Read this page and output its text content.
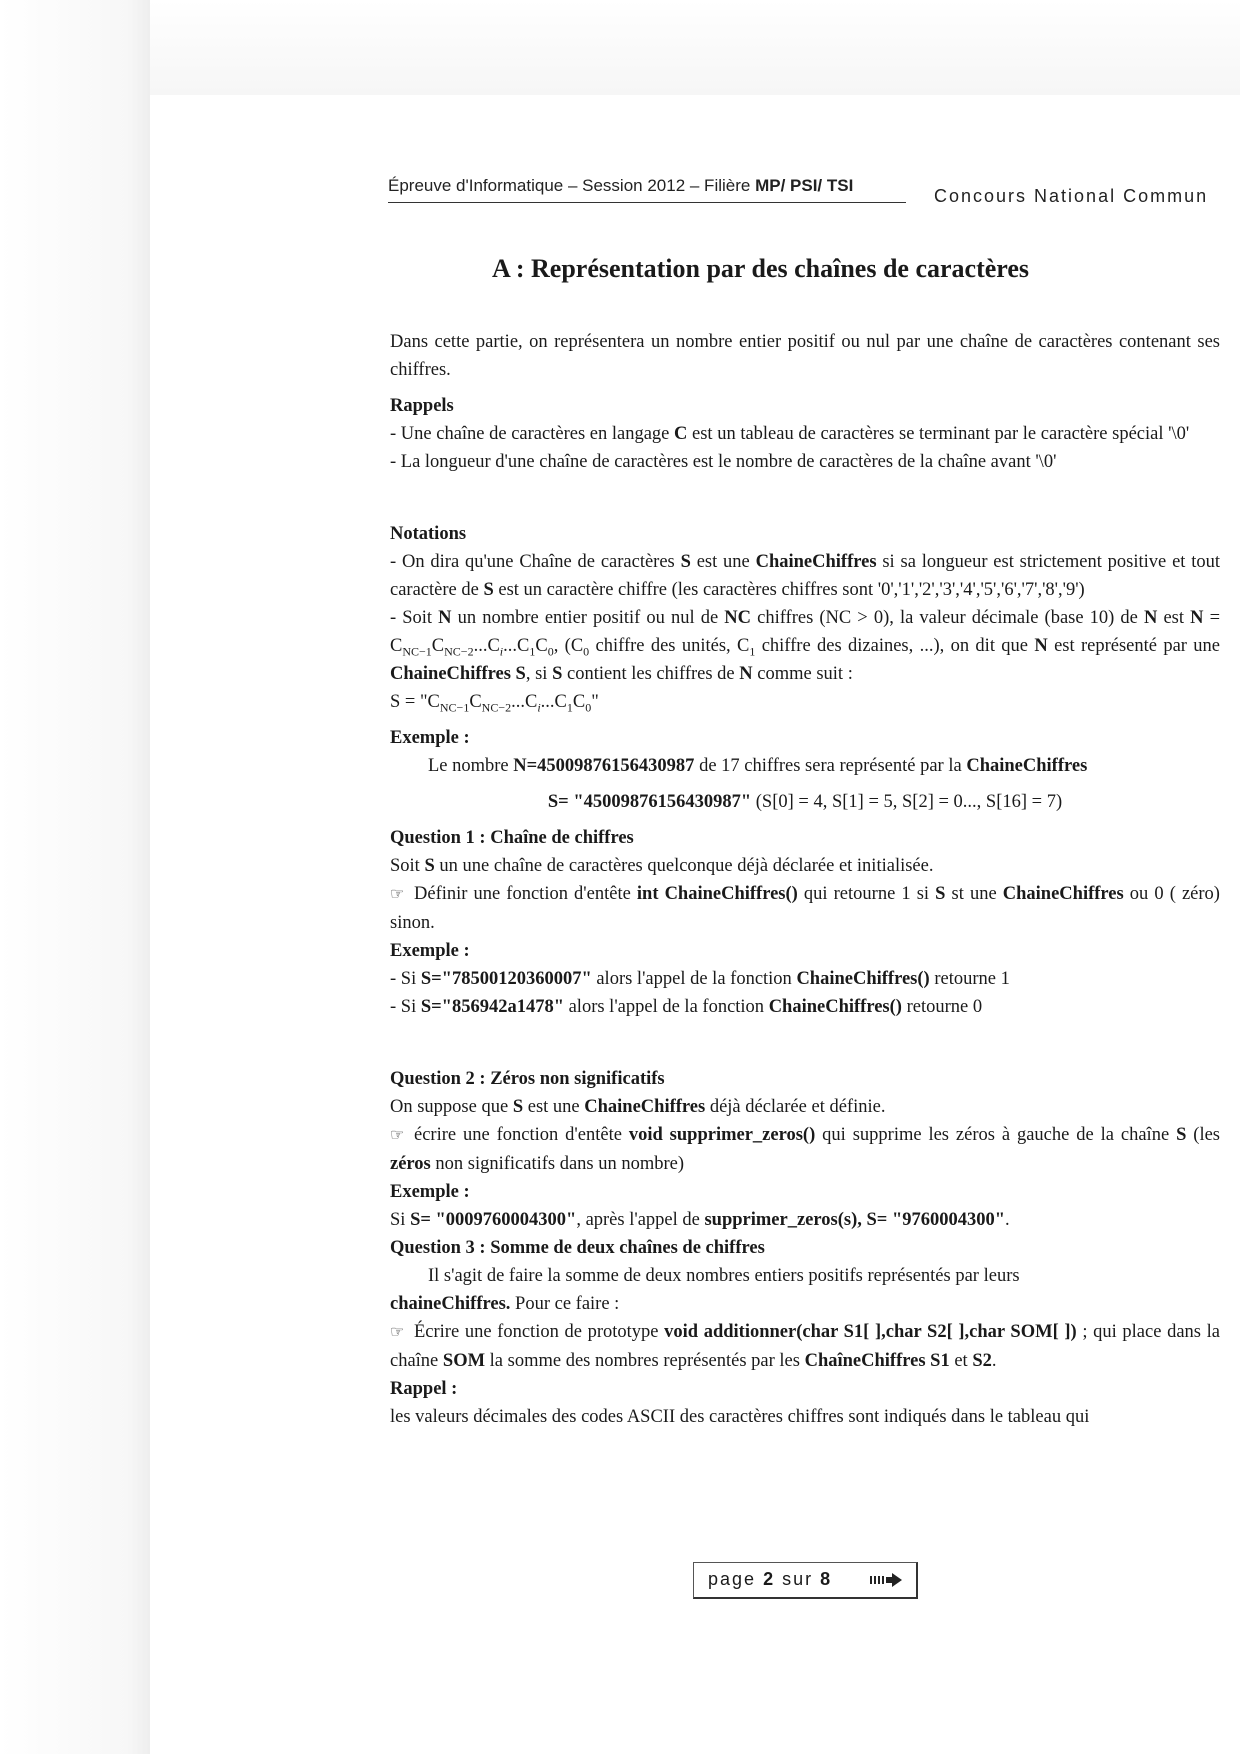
Épreuve d'Informatique – Session 2012 – Filière MP/ PSI/ TSI
Concours National Commun
A : Représentation par des chaînes de caractères

Dans cette partie, on représentera un nombre entier positif ou nul par une chaîne de caractères contenant ses chiffres.

Rappels

- Une chaîne de caractères en langage C est un tableau de caractères se terminant par le caractère spécial '\0'

- La longueur d'une chaîne de caractères est le nombre de caractères de la chaîne avant '\0'

Notations

- On dira qu'une Chaîne de caractères S est une ChaineChiffres si sa longueur est strictement positive et tout caractère de S est un caractère chiffre (les caractères chiffres sont '0','1','2','3','4','5','6','7','8','9')

- Soit N un nombre entier positif ou nul de NC chiffres (NC > 0), la valeur décimale (base 10) de N est $N = C_{NC-1}C_{NC-2}...C_i...C_1C_0$, ($C_0$ chiffre des unités, $C_1$ chiffre des dizaines, ...), on dit que N est représenté par une ChaineChiffres S, si S contient les chiffres de N comme suit :

$S = "C_{NC-1}C_{NC-2}...C_i...C_1C_0$"

Exemple :

Le nombre N=45009876156430987 de 17 chiffres sera représenté par la ChaineChiffres

S= "45009876156430987" (S[0] = 4, S[1] = 5, S[2] = 0..., S[16] = 7)

Question 1 : Chaîne de chiffres

Soit S un une chaîne de caractères quelconque déjà déclarée et initialisée.

☞ Définir une fonction d'entête int ChaineChiffres() qui retourne 1 si S st une ChaineChiffres ou 0 ( zéro) sinon.

Exemple :

- Si S="78500120360007" alors l'appel de la fonction ChaineChiffres() retourne 1

- Si S="856942a1478" alors l'appel de la fonction ChaineChiffres() retourne 0

Question 2 : Zéros non significatifs

On suppose que S est une ChaineChiffres déjà déclarée et définie.

☞ écrire une fonction d'entête void supprimer_zeros() qui supprime les zéros à gauche de la chaîne S (les zéros non significatifs dans un nombre)

Exemple :

Si S= "0009760004300", après l'appel de supprimer_zeros(s), S= "9760004300".

Question 3 : Somme de deux chaînes de chiffres

Il s'agit de faire la somme de deux nombres entiers positifs représentés par leurs

chaineChiffres. Pour ce faire :

☞ Écrire une fonction de prototype void additionner(char S1[ ],char S2[ ],char SOM[ ]) ; qui place dans la chaîne SOM la somme des nombres représentés par les ChaîneChiffres S1 et S2.

Rappel :

les valeurs décimales des codes ASCII des caractères chiffres sont indiqués dans le tableau qui

page 2 sur 8
